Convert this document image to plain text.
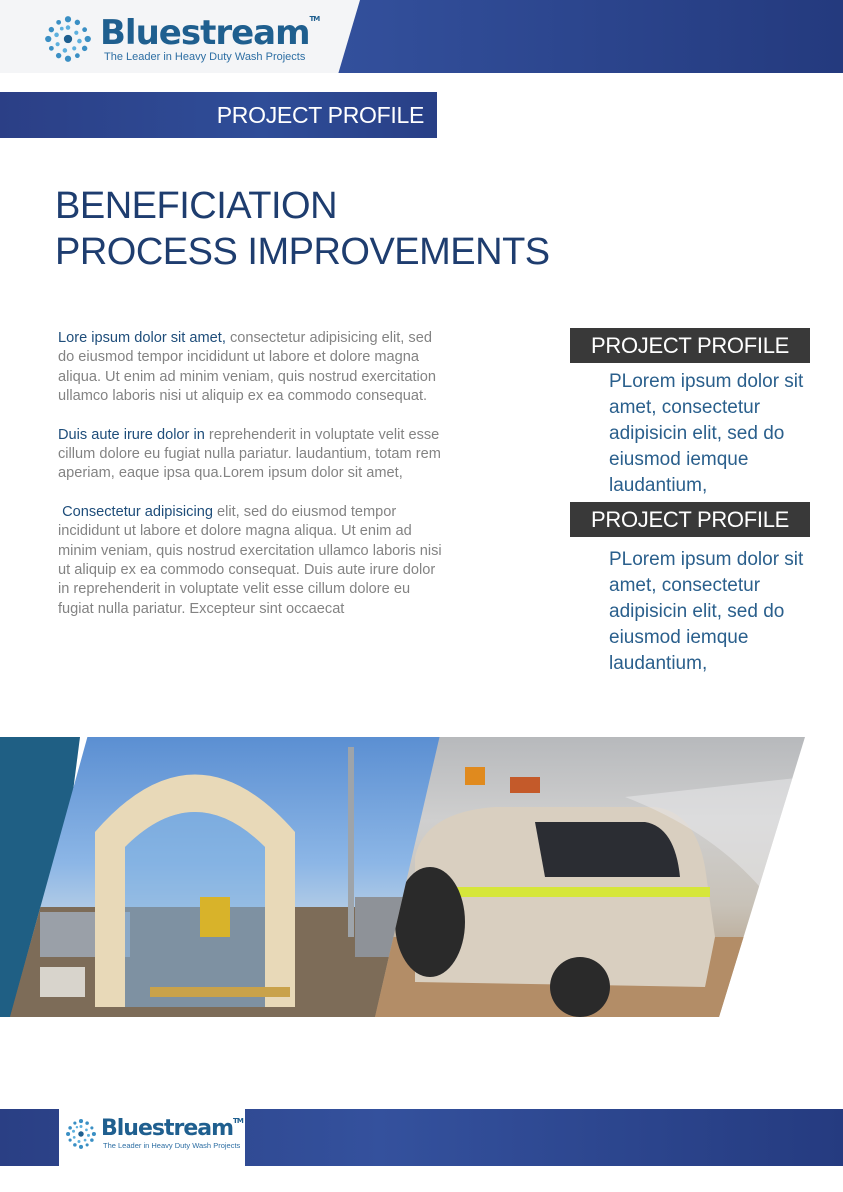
Bluestream™
The Leader in Heavy Duty Wash Projects
PROJECT PROFILE
BENEFICIATION
PROCESS IMPROVEMENTS

Lore ipsum dolor sit amet, consectetur adipisicing elit, sed do eiusmod tempor incididunt ut labore et dolore magna aliqua. Ut enim ad minim veniam, quis nostrud exercitation ullamco laboris nisi ut aliquip ex ea commodo consequat.

Duis aute irure dolor in reprehenderit in voluptate velit esse cillum dolore eu fugiat nulla pariatur. laudantium, totam rem aperiam, eaque ipsa qua.Lorem ipsum dolor sit amet,

Consectetur adipisicing elit, sed do eiusmod tempor incididunt ut labore et dolore magna aliqua. Ut enim ad minim veniam, quis nostrud exercitation ullamco laboris nisi ut aliquip ex ea commodo consequat. Duis aute irure dolor in reprehenderit in voluptate velit esse cillum dolore eu fugiat nulla pariatur. Excepteur sint occaecat

PROJECT PROFILE
PLorem ipsum dolor sit amet, consectetur adipisicin elit, sed do eiusmod iemque laudantium,
PROJECT PROFILE
PLorem ipsum dolor sit amet, consectetur adipisicin elit, sed do eiusmod iemque laudantium,
Bluestream™
The Leader in Heavy Duty Wash Projects
